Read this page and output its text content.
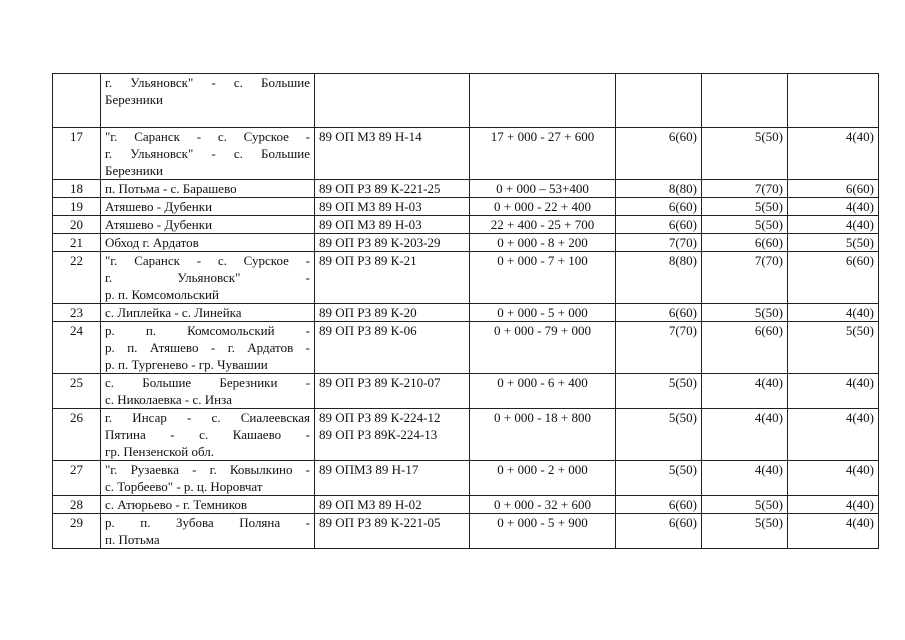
	г. Ульяновск" - с. Большие
Березники					

17	"г. Саранск - с. Сурское -
г. Ульяновск" - с. Большие
Березники	89 ОП МЗ 89 Н-14	17 + 000 - 27 + 600	6(60)	5(50)	4(40)
18	п. Потьма - с. Барашево	89 ОП РЗ 89 К-221-25	0 + 000 – 53+400	8(80)	7(70)	6(60)
19	Атяшево - Дубенки	89 ОП МЗ 89 Н-03	0 + 000 - 22 + 400	6(60)	5(50)	4(40)
20	Атяшево - Дубенки	89 ОП МЗ 89 Н-03	22 + 400 - 25 + 700	6(60)	5(50)	4(40)
21	Обход г. Ардатов	89 ОП РЗ 89 К-203-29	0 + 000 - 8 + 200	7(70)	6(60)	5(50)
22	"г. Саранск - с. Сурское -
г. Ульяновск" -
р. п. Комсомольский	89 ОП РЗ 89 К-21	0 + 000 - 7 + 100	8(80)	7(70)	6(60)
23	с. Липлейка - с. Линейка	89 ОП РЗ 89 К-20	0 + 000 - 5 + 000	6(60)	5(50)	4(40)
24	р. п. Комсомольский -
р. п. Атяшево - г. Ардатов -
р. п. Тургенево - гр. Чувашии	89 ОП РЗ 89 К-06	0 + 000 - 79 + 000	7(70)	6(60)	5(50)
25	с. Большие Березники -
с. Николаевка - с. Инза	89 ОП РЗ 89 К-210-07	0 + 000 - 6 + 400	5(50)	4(40)	4(40)
26	г. Инсар - с. Сиалеевская
Пятина - с. Кашаево -
гр. Пензенской обл.	89 ОП РЗ 89 К-224-12
89 ОП РЗ 89К-224-13	0 + 000 - 18 + 800	5(50)	4(40)	4(40)
27	"г. Рузаевка - г. Ковылкино -
с. Торбеево" - р. ц. Норовчат	89 ОПМЗ 89 Н-17	0 + 000 - 2 + 000	5(50)	4(40)	4(40)
28	с. Атюрьево - г. Темников	89 ОП МЗ 89 Н-02	0 + 000 - 32 + 600	6(60)	5(50)	4(40)
29	р. п. Зубова Поляна -
п. Потьма	89 ОП РЗ 89 К-221-05	0 + 000 - 5 + 900	6(60)	5(50)	4(40)
